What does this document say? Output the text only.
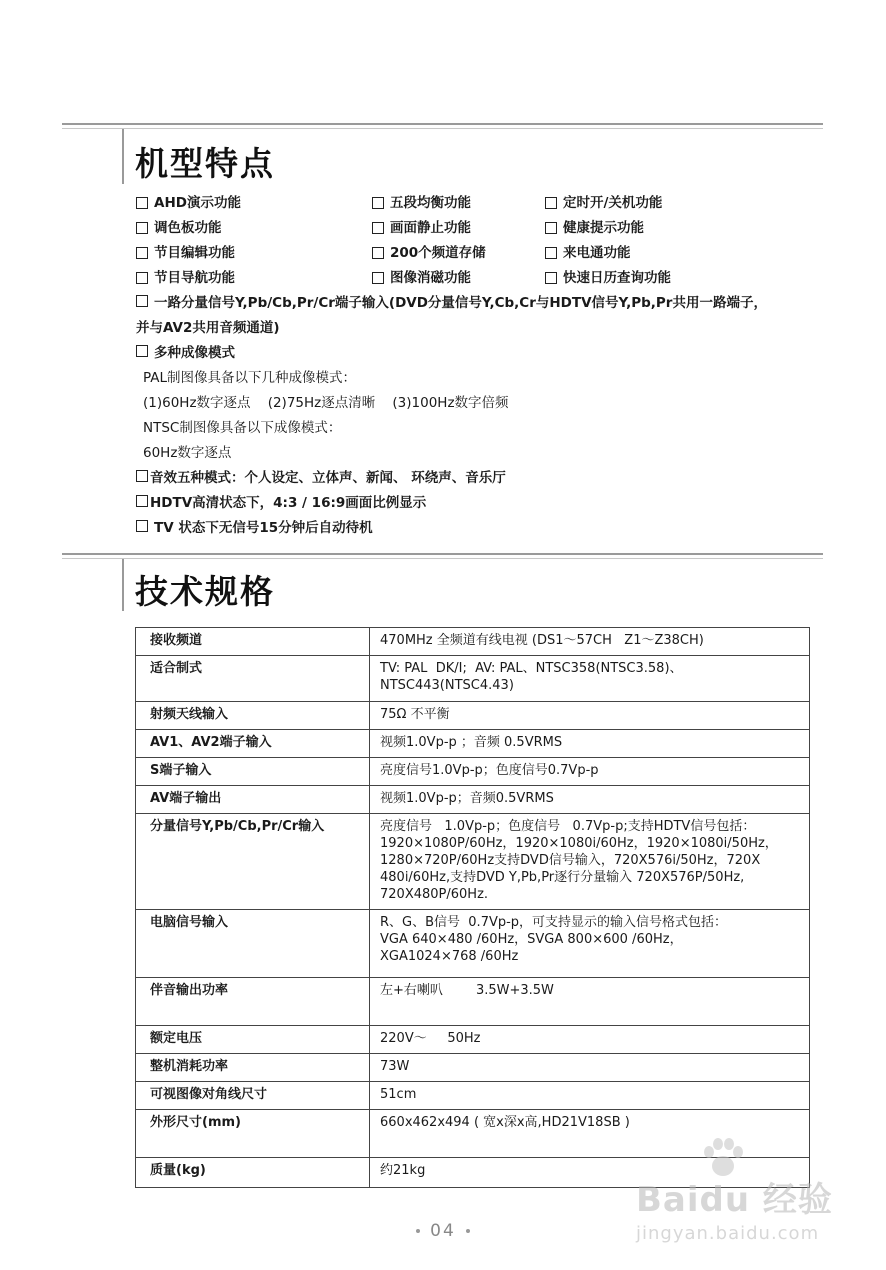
机型特点
AHD演示功能	五段均衡功能	定时开/关机功能
调色板功能	画面静止功能	健康提示功能
节目编辑功能	200个频道存储	来电通功能
节目导航功能	图像消磁功能	快速日历查询功能
一路分量信号Y,Pb/Cb,Pr/Cr端子输入(DVD分量信号Y,Cb,Cr与HDTV信号Y,Pb,Pr共用一路端子，
并与AV2共用音频通道)
多种成像模式
PAL制图像具备以下几种成像模式：
(1)60Hz数字逐点    (2)75Hz逐点清晰    (3)100Hz数字倍频
NTSC制图像具备以下成像模式：
60Hz数字逐点
音效五种模式：个人设定、立体声、新闻、 环绕声、音乐厅
HDTV高清状态下，4:3 / 16:9画面比例显示
TV 状态下无信号15分钟后自动待机
技术规格
接收频道	470MHz 全频道有线电视 (DS1～57CH   Z1～Z38CH)

适合制式	TV: PAL  DK/I;  AV: PAL、NTSC358(NTSC3.58)、
NTSC443(NTSC4.43)

射频天线输入	75Ω 不平衡

AV1、AV2端子输入	视频1.0Vp-p ；音频 0.5VRMS

S端子输入	亮度信号1.0Vp-p；色度信号0.7Vp-p

AV端子输出	视频1.0Vp-p；音频0.5VRMS

分量信号Y,Pb/Cb,Pr/Cr输入	亮度信号   1.0Vp-p；色度信号   0.7Vp-p;支持HDTV信号包括：
1920×1080P/60Hz，1920×1080i/60Hz，1920×1080i/50Hz，
1280×720P/60Hz支持DVD信号输入，720X576i/50Hz，720X
480i/60Hz,支持DVD Y,Pb,Pr逐行分量输入 720X576P/50Hz,
720X480P/60Hz.

电脑信号输入	R、G、B信号  0.7Vp-p，可支持显示的输入信号格式包括：
VGA 640×480 /60Hz，SVGA 800×600 /60Hz，
XGA1024×768 /60Hz

伴音输出功率	左+右喇叭        3.5W+3.5W

额定电压	220V～     50Hz

整机消耗功率	73W

可视图像对角线尺寸	51cm

外形尺寸(mm)	660x462x494 ( 宽x深x高,HD21V18SB )

质量(kg)	约21kg
04
Baidu 经验
jingyan.baidu.com
